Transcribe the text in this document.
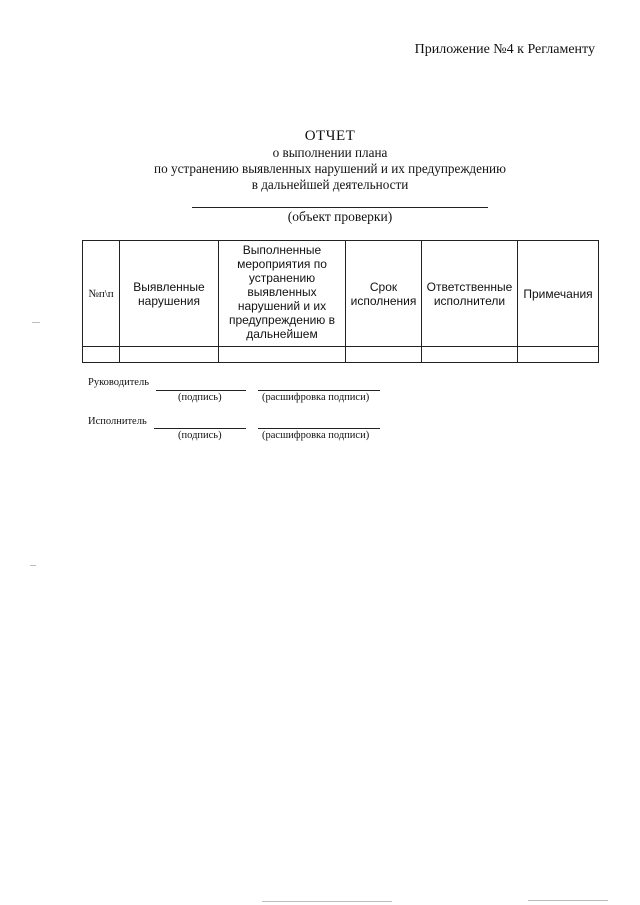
Приложение №4 к Регламенту
ОТЧЕТ
о выполнении плана
по устранению выявленных нарушений и их предупреждению
в дальнейшей деятельности
(объект проверки)
№п\п	Выявленные нарушения	Выполненные мероприятия по устранению выявленных нарушений и их предупреждению в дальнейшем	Срок исполнения	Ответственные исполнители	Примечания

Руководитель
(подпись)	(расшифровка подписи)
Исполнитель
(подпись)	(расшифровка подписи)
